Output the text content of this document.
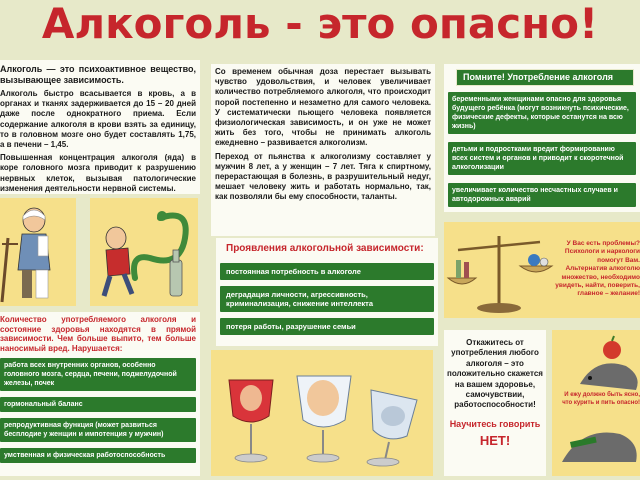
Алкоголь - это опасно!
Алкоголь — это психоактивное вещество, вызывающее зависимость.

Алкоголь быстро всасывается в кровь, а в органах и тканях задерживается до 15 – 20 дней даже после однократного приема. Если содержание алкоголя в крови взять за единицу, то в головном мозге оно будет составлять 1,75, а в печени – 1,45.

Повышенная концентрация алкоголя (яда) в коре головного мозга приводит к разрушению нервных клеток, вызывая патологические изменения деятельности нервной системы.

Количество употребляемого алкоголя и состояние здоровья находятся в прямой зависимости. Чем больше выпито, тем больше наносимый вред. Нарушается:
работа всех внутренних органов, особенно головного мозга, сердца, печени, поджелудочной железы, почек
гормональный баланс
репродуктивная функция (может развиться бесплодие у женщин и импотенция у мужчин)
умственная и физическая работоспособность

Со временем обычная доза перестает вызывать чувство удовольствия, и человек увеличивает количество потребляемого алкоголя, что происходит порой постепенно и незаметно для самого человека. У систематически пьющего человека появляется физиологическая зависимость, и он уже не может жить без того, чтобы не принимать алкоголь ежедневно – развивается алкоголизм.

Переход от пьянства к алкоголизму составляет у мужчин 8 лет, а у женщин – 7 лет. Тяга к спиртному, перерастающая в болезнь, в разрушительный недуг, мешает человеку жить и работать нормально, так, как позволяли бы ему способности, таланты.

Проявления алкогольной зависимости:
постоянная потребность в алкоголе
деградация личности, агрессивность, криминализация, снижение интеллекта
потеря работы, разрушение семьи
Помните! Употребление алкоголя
беременными женщинами опасно для здоровья будущего ребёнка (могут возникнуть психические, физические дефекты, которые останутся на всю жизнь)
детьми и подростками вредит формированию всех систем и органов и приводит к скоротечной алкоголизации
увеличивает количество несчастных случаев и автодорожных аварий
У Вас есть проблемы? Психологи и наркологи помогут Вам. Альтернатив алкоголю множество, необходимо увидеть, найти, поверить, главное – желание!
Откажитесь от употребления любого алкоголя – это положительно скажется на вашем здоровье, самочувствии, работоспособности!
Научитесь говорить
НЕТ!
И ежу должно быть ясно, что курить и пить опасно!
